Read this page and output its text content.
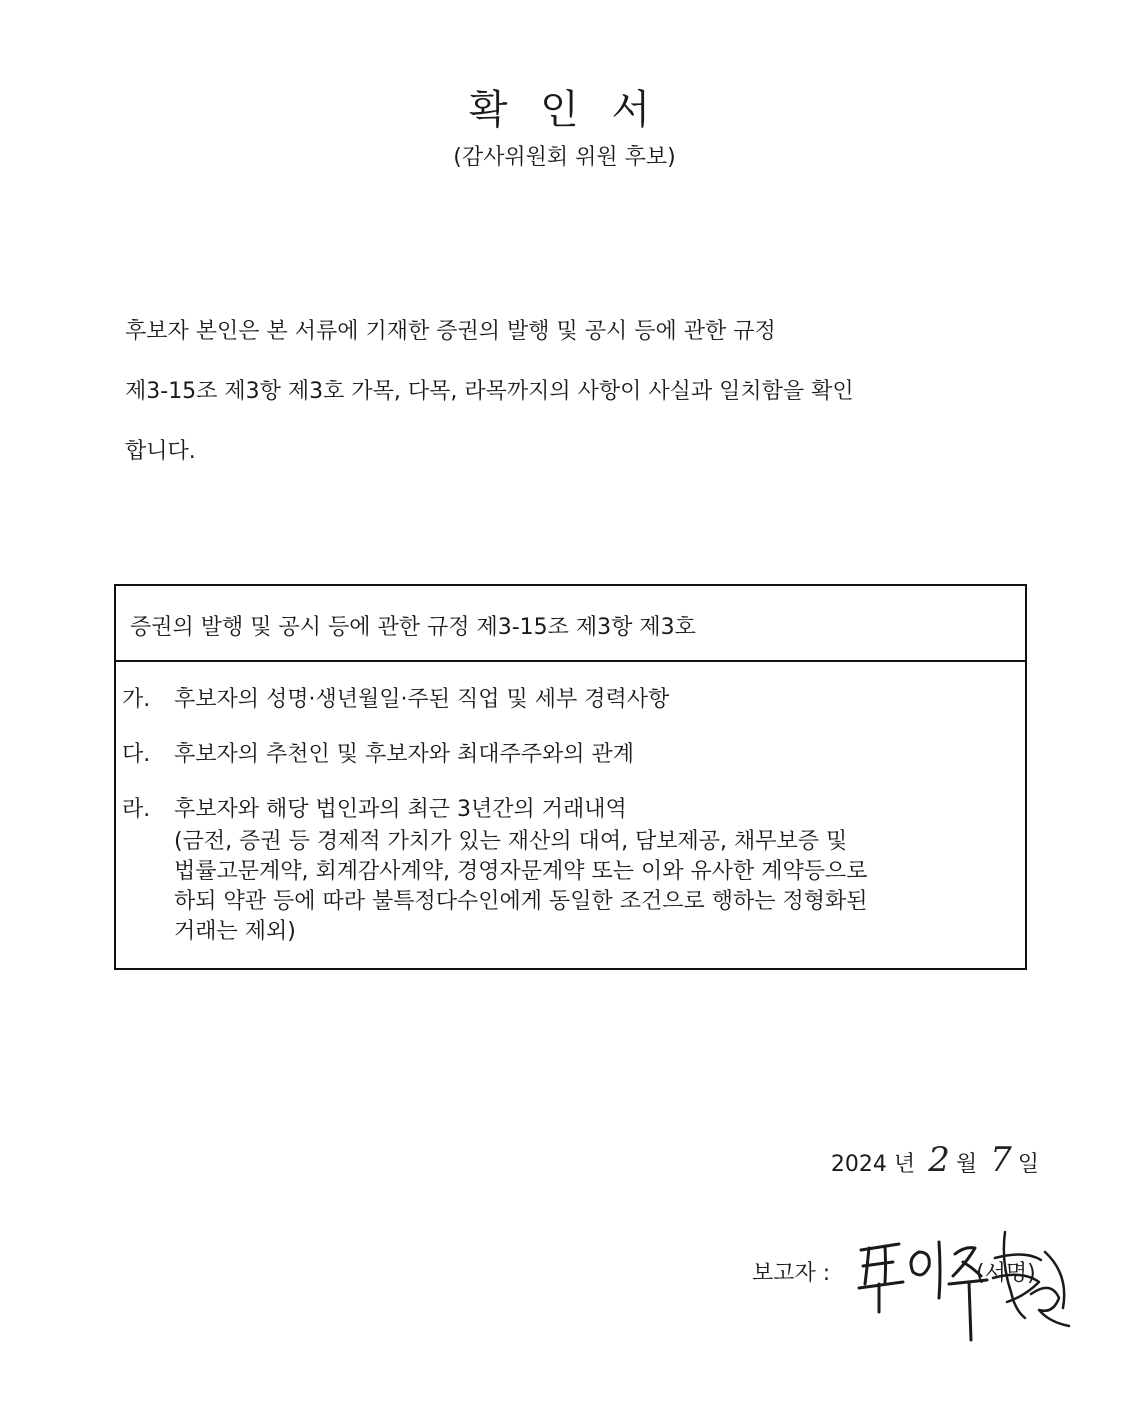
확 인 서

(감사위원회 위원 후보)

후보자 본인은 본 서류에 기재한 증권의 발행 및 공시 등에 관한 규정
제3-15조 제3항 제3호 가목, 다목, 라목까지의 사항이 사실과 일치함을 확인
합니다.

증권의 발행 및 공시 등에 관한 규정 제3-15조 제3항 제3호
가. 후보자의 성명·생년월일·주된 직업 및 세부 경력사항
다. 후보자의 추천인 및 후보자와 최대주주와의 관계
라. 후보자와 해당 법인과의 최근 3년간의 거래내역
(금전, 증권 등 경제적 가치가 있는 재산의 대여, 담보제공, 채무보증 및
법률고문계약, 회계감사계약, 경영자문계약 또는 이와 유사한 계약등으로
하되 약관 등에 따라 불특정다수인에게 동일한 조건으로 행하는 정형화된
거래는 제외)
2024 년 2 월 7 일
보고자 :	(서명)
